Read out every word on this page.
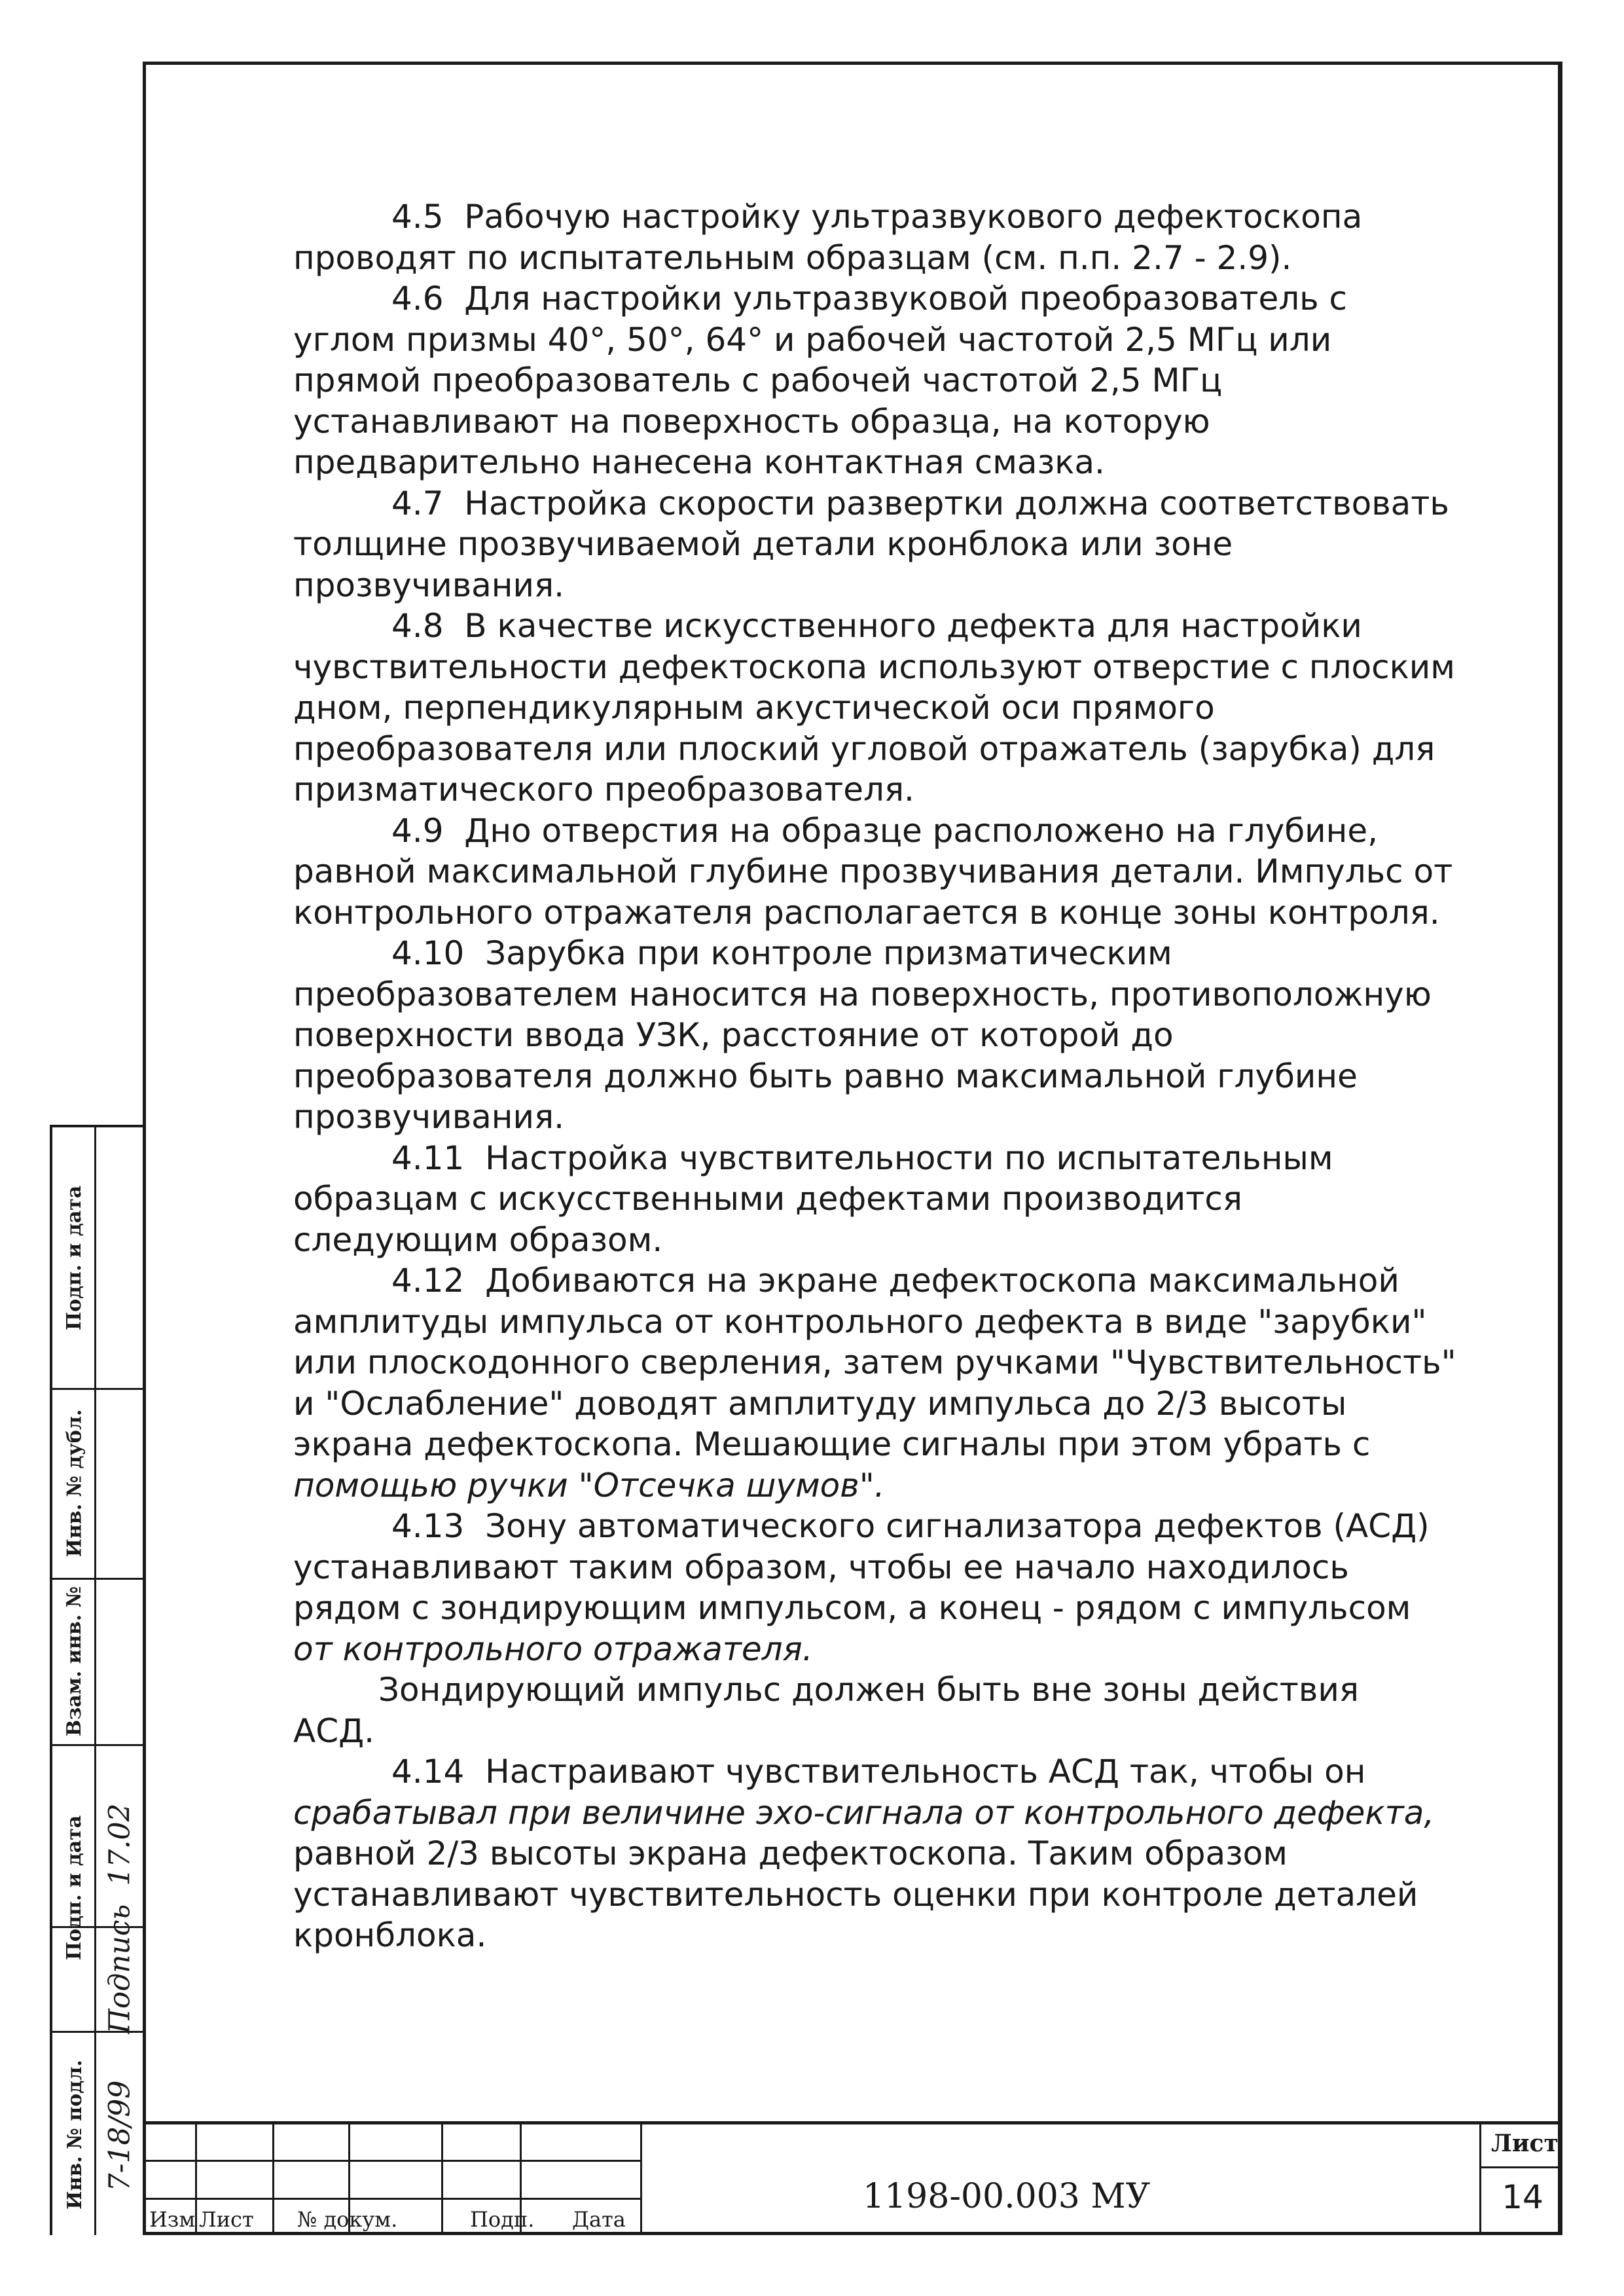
4.5  Рабочую настройку ультразвукового дефектоскопа

проводят по испытательным образцам (см. п.п. 2.7 - 2.9).

4.6  Для настройки ультразвуковой преобразователь с

углом призмы 40°, 50°, 64° и рабочей частотой 2,5 МГц или

прямой преобразователь с рабочей частотой 2,5 МГц

устанавливают на поверхность образца, на которую

предварительно нанесена контактная смазка.

4.7  Настройка скорости развертки должна соответствовать

толщине прозвучиваемой детали кронблока или зоне

прозвучивания.

4.8  В качестве искусственного дефекта для настройки

чувствительности дефектоскопа используют отверстие с плоским

дном, перпендикулярным акустической оси прямого

преобразователя или плоский угловой отражатель (зарубка) для

призматического преобразователя.

4.9  Дно отверстия на образце расположено на глубине,

равной максимальной глубине прозвучивания детали. Импульс от

контрольного отражателя располагается в конце зоны контроля.

4.10  Зарубка при контроле призматическим

преобразователем наносится на поверхность, противоположную

поверхности ввода УЗК, расстояние от которой до

преобразователя должно быть равно максимальной глубине

прозвучивания.

4.11  Настройка чувствительности по испытательным

образцам с искусственными дефектами производится

следующим образом.

4.12  Добиваются на экране дефектоскопа максимальной

амплитуды импульса от контрольного дефекта в виде "зарубки"

или плоскодонного сверления, затем ручками "Чувствительность"

и "Ослабление" доводят амплитуду импульса до 2/3 высоты

экрана дефектоскопа. Мешающие сигналы при этом убрать с

помощью ручки "Отсечка шумов".

4.13  Зону автоматического сигнализатора дефектов (АСД)

устанавливают таким образом, чтобы ее начало находилось

рядом с зондирующим импульсом, а конец - рядом с импульсом

от контрольного отражателя.

Зондирующий импульс должен быть вне зоны действия

АСД.

4.14  Настраивают чувствительность АСД так, чтобы он

срабатывал при величине эхо-сигнала от контрольного дефекта,

равной 2/3 высоты экрана дефектоскопа. Таким образом

устанавливают чувствительность оценки при контроле деталей

кронблока.

Подп. и дата
Инв. № дубл.
Взам. инв. №
Подп. и дата
Инв. № подл.
17.02
Подпись
7-18/99
Изм Лист № докум.	Подп. Дата
1198-00.003 МУ
Лист
14
